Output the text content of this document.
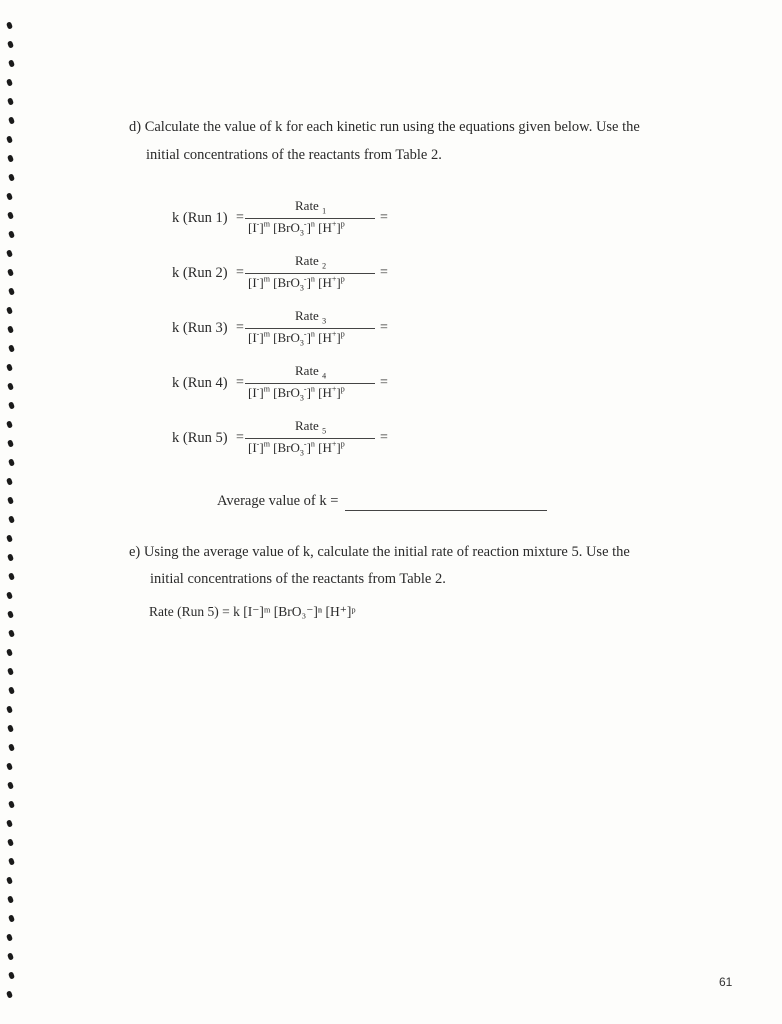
d) Calculate the value of k for each kinetic run using the equations given below. Use the
initial concentrations of the reactants from Table 2.
k (Run 1) =
Rate $_1$
$[I^-]^m$ $[BrO_3^-]^n$ $[H^+]^p$	=
k (Run 2) =
Rate $_2$
$[I^-]^m$ $[BrO_3^-]^n$ $[H^+]^p$	=
k (Run 3) =
Rate $_3$
$[I^-]^m$ $[BrO_3^-]^n$ $[H^+]^p$	=
k (Run 4) =
Rate $_4$
$[I^-]^m$ $[BrO_3^-]^n$ $[H^+]^p$	=
k (Run 5) =
Rate $_5$
$[I^-]^m$ $[BrO_3^-]^n$ $[H^+]^p$	=
Average value of k =
e) Using the average value of k, calculate the initial rate of reaction mixture 5. Use the
initial concentrations of the reactants from Table 2.
Rate (Run 5) = k [I⁻]ᵐ [BrO₃⁻]ⁿ [H⁺]ᵖ
61
